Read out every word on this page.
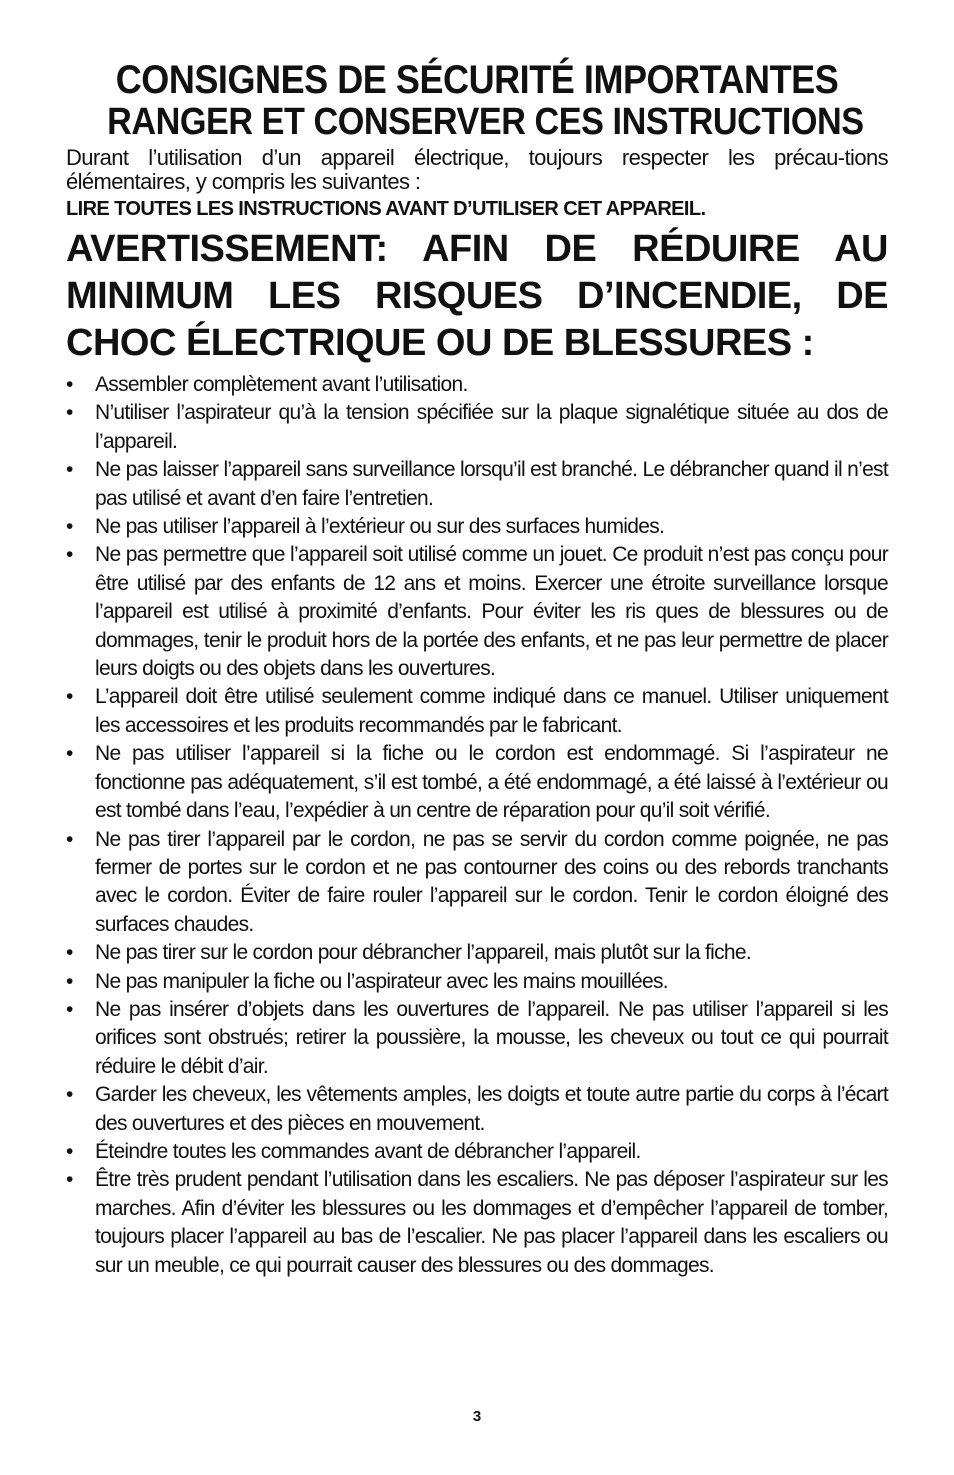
CONSIGNES DE SÉCURITÉ IMPORTANTES
RANGER ET CONSERVER CES INSTRUCTIONS

Durant l’utilisation d’un appareil électrique, toujours respecter les précau-tions élémentaires, y compris les suivantes :

LIRE TOUTES LES INSTRUCTIONS AVANT D’UTILISER CET APPAREIL.

AVERTISSEMENT: AFIN DE RÉDUIRE AU MINIMUM LES RISQUES D’INCENDIE, DE CHOC ÉLECTRIQUE OU DE BLESSURES :

• Assembler complètement avant l’utilisation.
• N’utiliser l’aspirateur qu’à la tension spécifiée sur la plaque signalétique située au dos de l’appareil.
• Ne pas laisser l’appareil sans surveillance lorsqu’il est branché. Le débrancher quand il n’est pas utilisé et avant d’en faire l’entretien.
• Ne pas utiliser l’appareil à l’extérieur ou sur des surfaces humides.
• Ne pas permettre que l’appareil soit utilisé comme un jouet. Ce produit n’est pas conçu pour être utilisé par des enfants de 12 ans et moins. Exercer une étroite surveillance lorsque l’appareil est utilisé à proximité d’enfants. Pour éviter les ris ques de blessures ou de dommages, tenir le produit hors de la portée des enfants, et ne pas leur permettre de placer leurs doigts ou des objets dans les ouvertures.
• L’appareil doit être utilisé seulement comme indiqué dans ce manuel. Utiliser uniquement les accessoires et les produits recommandés par le fabricant.
• Ne pas utiliser l’appareil si la fiche ou le cordon est endommagé. Si l’aspirateur ne fonctionne pas adéquatement, s’il est tombé, a été endommagé, a été laissé à l’extérieur ou est tombé dans l’eau, l’expédier à un centre de réparation pour qu’il soit vérifié.
• Ne pas tirer l’appareil par le cordon, ne pas se servir du cordon comme poignée, ne pas fermer de portes sur le cordon et ne pas contourner des coins ou des rebords tranchants avec le cordon. Éviter de faire rouler l’appareil sur le cordon. Tenir le cordon éloigné des surfaces chaudes.
• Ne pas tirer sur le cordon pour débrancher l’appareil, mais plutôt sur la fiche.
• Ne pas manipuler la fiche ou l’aspirateur avec les mains mouillées.
• Ne pas insérer d’objets dans les ouvertures de l’appareil. Ne pas utiliser l’appareil si les orifices sont obstrués; retirer la poussière, la mousse, les cheveux ou tout ce qui pourrait réduire le débit d’air.
• Garder les cheveux, les vêtements amples, les doigts et toute autre partie du corps à l’écart des ouvertures et des pièces en mouvement.
• Éteindre toutes les commandes avant de débrancher l’appareil.
• Être très prudent pendant l’utilisation dans les escaliers. Ne pas déposer l’aspirateur sur les marches. Afin d’éviter les blessures ou les dommages et d’empêcher l’appareil de tomber, toujours placer l’appareil au bas de l’escalier. Ne pas placer l’appareil dans les escaliers ou sur un meuble, ce qui pourrait causer des blessures ou des dommages.
3
